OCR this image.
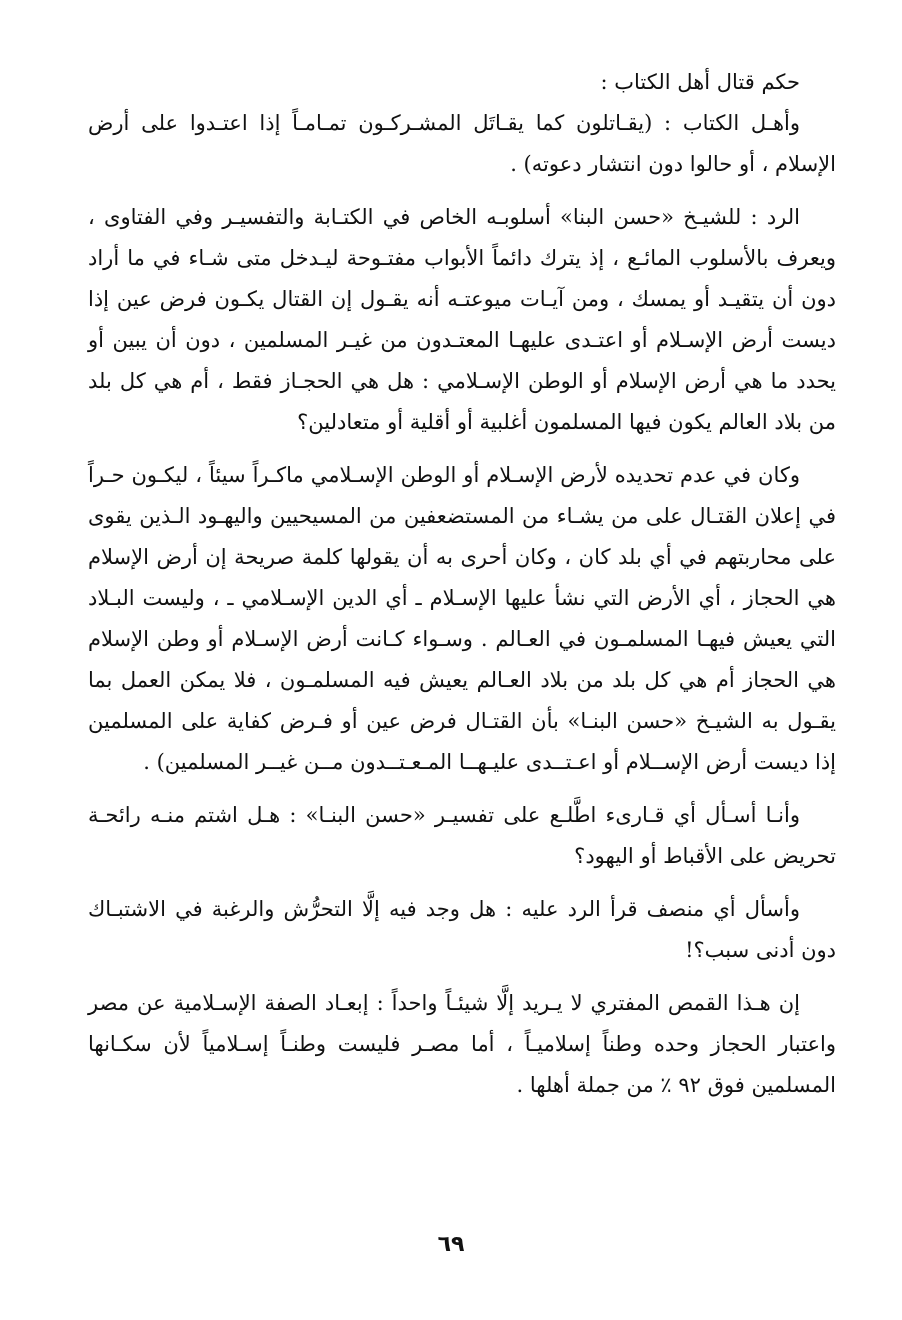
حكم قتال أهل الكتاب :

وأهـل الكتاب : (يقـاتلون كما يقـاتَل المشـركـون تمـامـاً إذا اعتـدوا على أرض الإسلام ، أو حالوا دون انتشار دعوته) .

الرد : للشيـخ «حسن البنا» أسلوبـه الخاص في الكتـابة والتفسيـر وفي الفتاوى ، ويعرف بالأسلوب المائـع ، إذ يترك دائماً الأبواب مفتـوحة ليـدخل متى شـاء في ما أراد دون أن يتقيـد أو يمسك ، ومن آيـات ميوعتـه أنه يقـول إن القتال يكـون فرض عين إذا ديست أرض الإسـلام أو اعتـدى عليهـا المعتـدون من غيـر المسلمين ، دون أن يبين أو يحدد ما هي أرض الإسلام أو الوطن الإسـلامي : هل هي الحجـاز فقط ، أم هي كل بلد من بلاد العالم يكون فيها المسلمون أغلبية أو أقلية أو متعادلين؟

وكان في عدم تحديده لأرض الإسـلام أو الوطن الإسـلامي ماكـراً سيئاً ، ليكـون حـراً في إعلان القتـال على من يشـاء من المستضعفين من المسيحيين واليهـود الـذين يقوى على محاربتهم في أي بلد كان ، وكان أحرى به أن يقولها كلمة صريحة إن أرض الإسلام هي الحجاز ، أي الأرض التي نشأ عليها الإسـلام ـ أي الدين الإسـلامي ـ ، وليست البـلاد التي يعيش فيهـا المسلمـون في العـالم . وسـواء كـانت أرض الإسـلام أو وطن الإسلام هي الحجاز أم هي كل بلد من بلاد العـالم يعيش فيه المسلمـون ، فلا يمكن العمل بما يقـول به الشيـخ «حسن البنـا» بأن القتـال فرض عين أو فـرض كفاية على المسلمين إذا ديست أرض الإســلام أو اعـتــدى عليـهــا المـعـتــدون مــن غيــر المسلمين) .

وأنـا أسـأل أي قـارىء اطَّلـع على تفسيـر «حسن البنـا» : هـل اشتم منـه رائحـة تحريض على الأقباط أو اليهود؟

وأسأل أي منصف قرأ الرد عليه : هل وجد فيه إلَّا التحرُّش والرغبة في الاشتبـاك دون أدنى سبب؟!

إن هـذا القمص المفتري لا يـريد إلَّا شيئـاً واحداً : إبعـاد الصفة الإسـلامية عن مصر واعتبار الحجاز وحده وطناً إسلاميـاً ، أما مصـر فليست وطنـاً إسـلامياً لأن سكـانها المسلمين فوق ٩٢ ٪ من جملة أهلها .

٦٩
